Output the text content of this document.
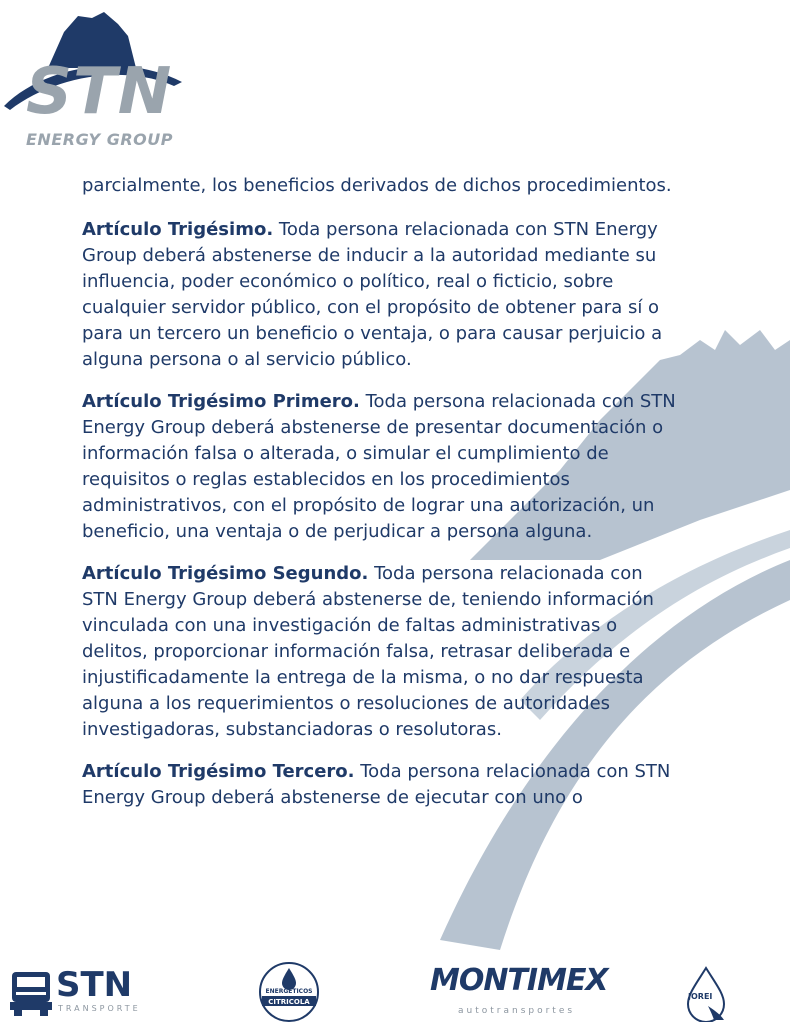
STN
ENERGY GROUP

parcialmente, los beneficios derivados de dichos procedimientos.

Artículo Trigésimo. Toda persona relacionada con STN Energy Group deberá abstenerse de inducir a la autoridad mediante su influencia, poder económico o político, real o ficticio, sobre cualquier servidor público, con el propósito de obtener para sí o para un tercero un beneficio o ventaja, o para causar perjuicio a alguna persona o al servicio público.

Artículo Trigésimo Primero. Toda persona relacionada con STN Energy Group deberá abstenerse de presentar documentación o información falsa o alterada, o simular el cumplimiento de requisitos o reglas establecidos en los procedimientos administrativos, con el propósito de lograr una autorización, un beneficio, una ventaja o de perjudicar a persona alguna.

Artículo Trigésimo Segundo. Toda persona relacionada con STN Energy Group deberá abstenerse de, teniendo información vinculada con una investigación de faltas administrativas o delitos, proporcionar información falsa, retrasar deliberada e injustificadamente la entrega de la misma, o no dar respuesta alguna a los requerimientos o resoluciones de autoridades investigadoras, substanciadoras o resolutoras.

Artículo Trigésimo Tercero. Toda persona relacionada con STN Energy Group deberá abstenerse de ejecutar con uno o

STN
TRANSPORTE
ENERGETICOS
CITRICOLA
MONTIMEX
autotransportes
JOREI
